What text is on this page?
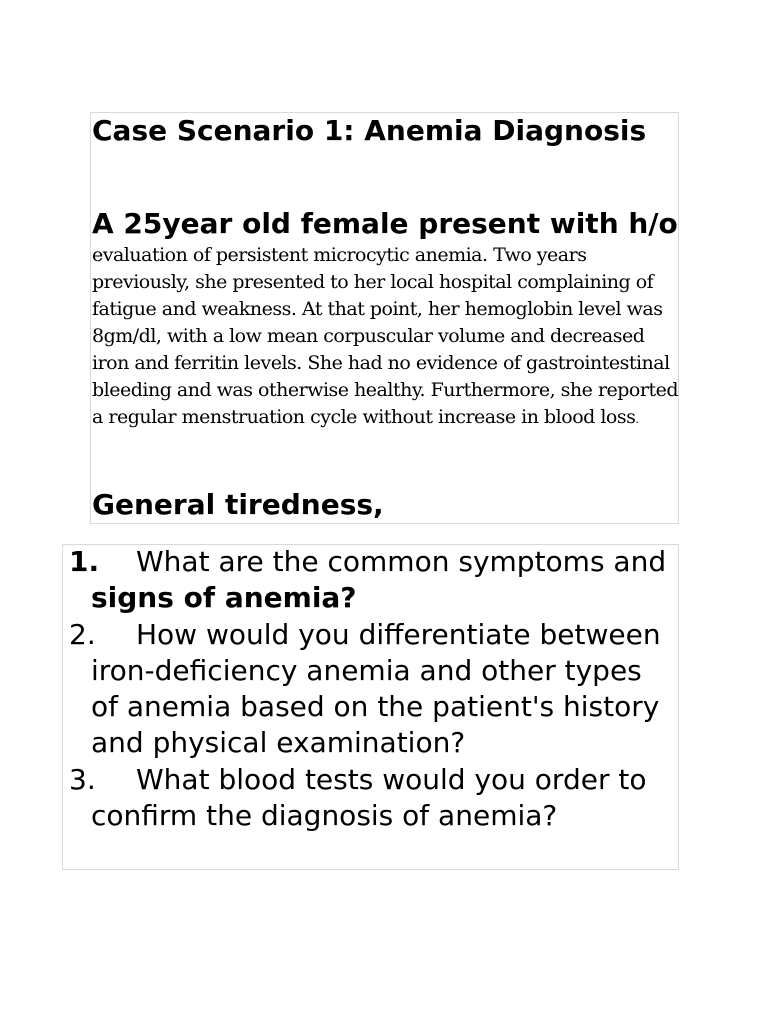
Case Scenario 1: Anemia Diagnosis

A 25year old female present with h/o evaluation of persistent microcytic anemia. Two years previously, she presented to her local hospital complaining of fatigue and weakness. At that point, her hemoglobin level was 8gm/dl, with a low mean corpuscular volume and decreased iron and ferritin levels. She had no evidence of gastrointestinal bleeding and was otherwise healthy. Furthermore, she reported a regular menstruation cycle without increase in blood loss.

General tiredness,

1. What are the common symptoms and signs of anemia?
2. How would you differentiate between iron-deficiency anemia and other types of anemia based on the patient's history and physical examination?
3. What blood tests would you order to confirm the diagnosis of anemia?
